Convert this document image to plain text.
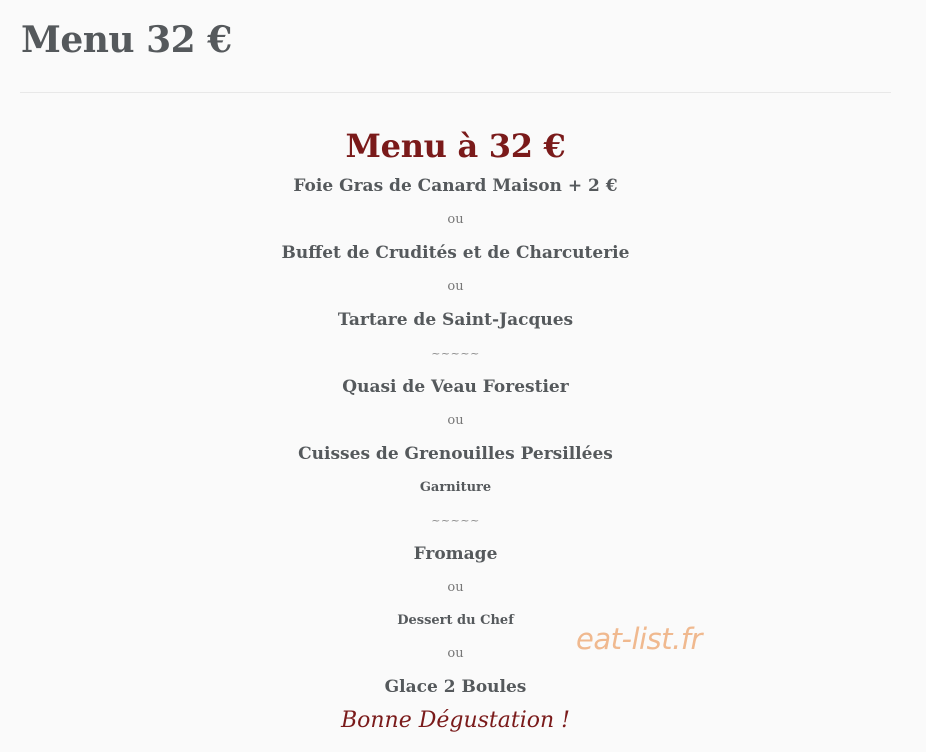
Menu 32 €
Menu à 32 €
Foie Gras de Canard Maison + 2 €
ou
Buffet de Crudités et de Charcuterie
ou
Tartare de Saint-Jacques
~~~~~
Quasi de Veau Forestier
ou
Cuisses de Grenouilles Persillées
Garniture
~~~~~
Fromage
ou
Dessert du Chef
ou
Glace 2 Boules
Bonne Dégustation !
eat-list.fr
